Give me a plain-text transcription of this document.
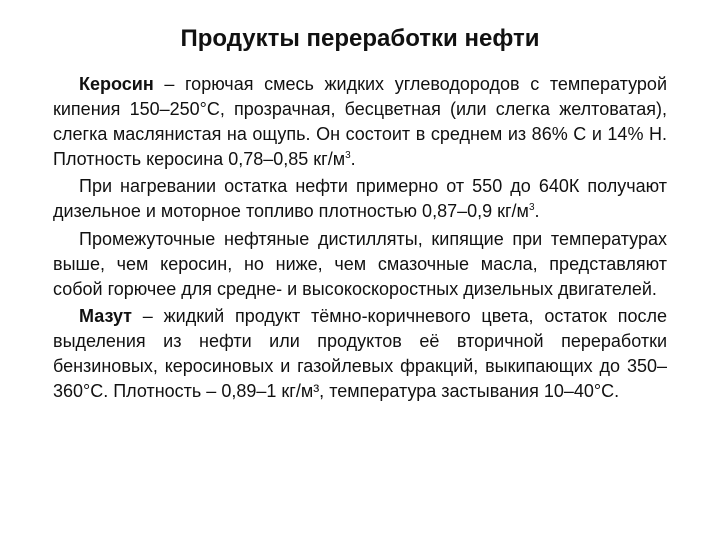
Продукты переработки нефти

Керосин – горючая смесь жидких углеводородов с температурой кипения 150–250°С, прозрачная, бесцветная (или слегка желтоватая), слегка маслянистая на ощупь. Он состоит в среднем из 86% С и 14% Н. Плотность керосина 0,78–0,85 $кг/м^3$.

При нагревании остатка нефти примерно от 550 до 640К получают дизельное и моторное топливо плотностью 0,87–0,9 $кг/м^3$.

Промежуточные нефтяные дистилляты, кипящие при температурах выше, чем керосин, но ниже, чем смазочные масла, представляют собой горючее для средне- и высокоскоростных дизельных двигателей.

Мазут – жидкий продукт тёмно-коричневого цвета, остаток после выделения из нефти или продуктов её вторичной переработки бензиновых, керосиновых и газойлевых фракций, выкипающих до 350–360°С. Плотность – 0,89–1 кг/м³, температура застывания 10–40°С.
